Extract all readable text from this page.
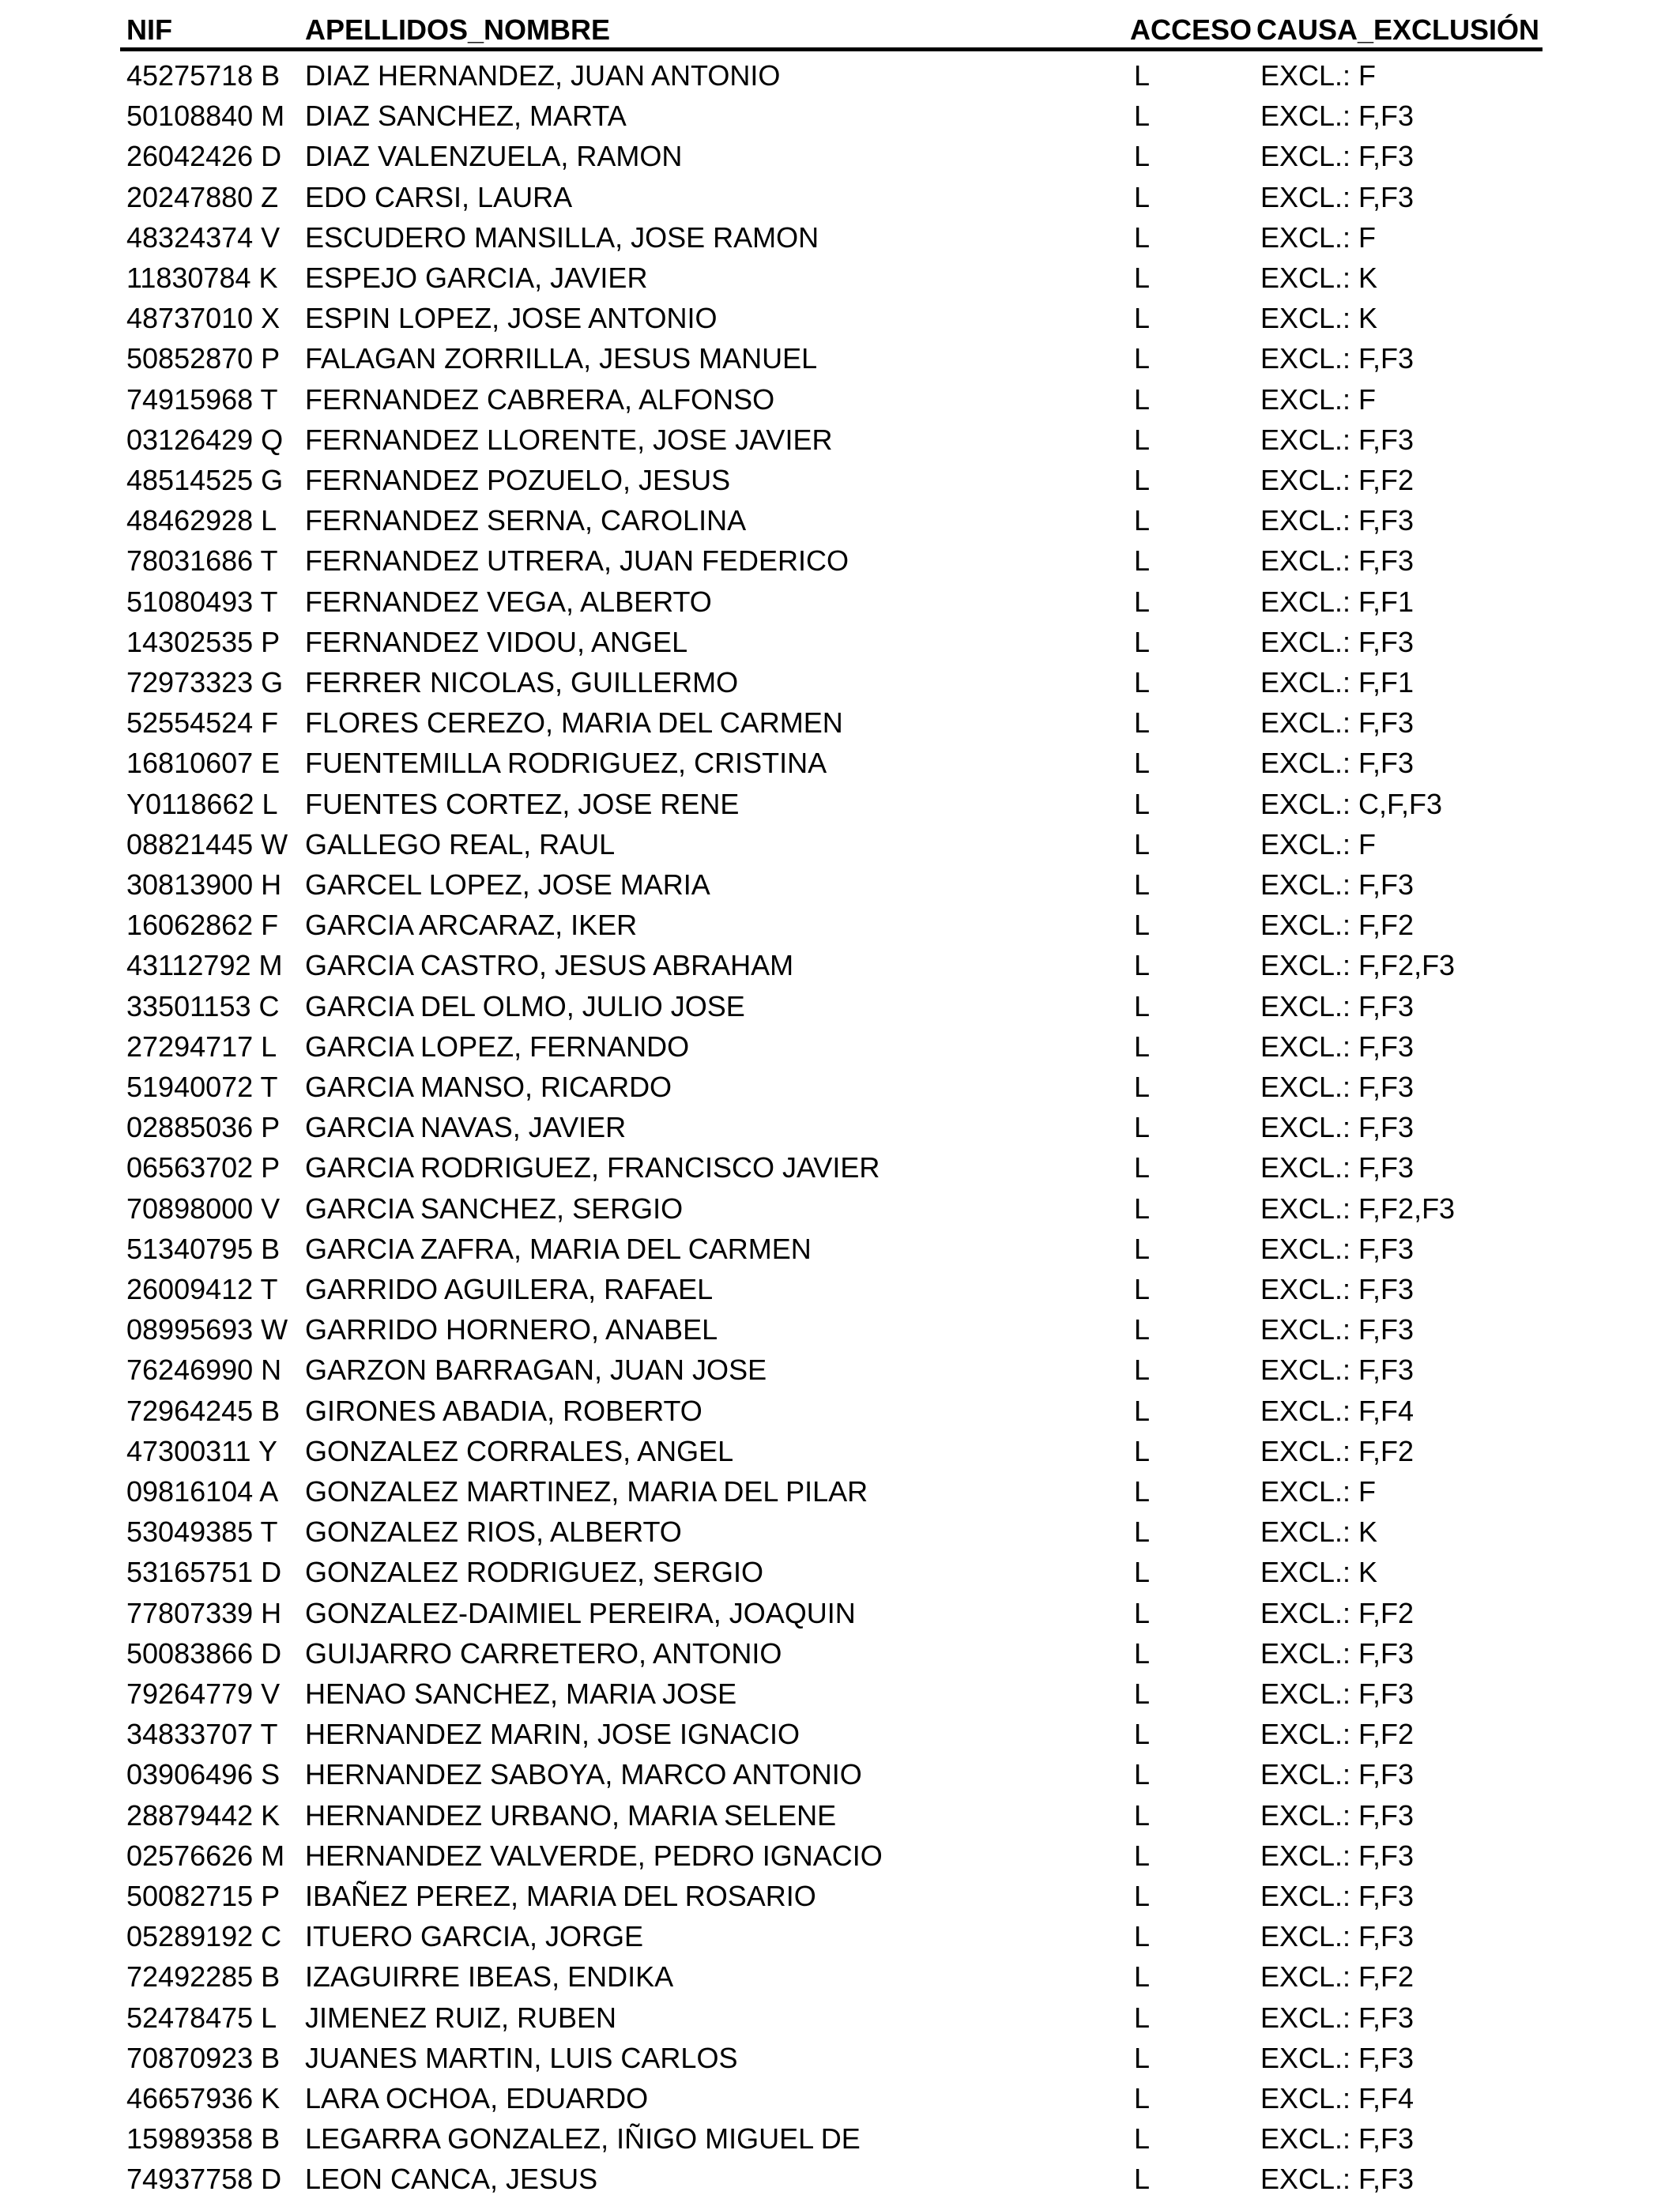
NIF	APELLIDOS_NOMBRE	ACCESO CAUSA_EXCLUSIÓN
45275718 B DIAZ HERNANDEZ, JUAN ANTONIO	L	EXCL.: F
50108840 M DIAZ SANCHEZ, MARTA	L	EXCL.: F,F3
26042426 D DIAZ VALENZUELA, RAMON	L	EXCL.: F,F3
20247880 Z EDO CARSI, LAURA	L	EXCL.: F,F3
48324374 V ESCUDERO MANSILLA, JOSE RAMON	L	EXCL.: F
11830784 K ESPEJO GARCIA, JAVIER	L	EXCL.: K
48737010 X ESPIN LOPEZ, JOSE ANTONIO	L	EXCL.: K
50852870 P FALAGAN ZORRILLA, JESUS MANUEL	L	EXCL.: F,F3
74915968 T FERNANDEZ CABRERA, ALFONSO	L	EXCL.: F
03126429 Q FERNANDEZ LLORENTE, JOSE JAVIER	L	EXCL.: F,F3
48514525 G FERNANDEZ POZUELO, JESUS	L	EXCL.: F,F2
48462928 L FERNANDEZ SERNA, CAROLINA	L	EXCL.: F,F3
78031686 T FERNANDEZ UTRERA, JUAN FEDERICO	L	EXCL.: F,F3
51080493 T FERNANDEZ VEGA, ALBERTO	L	EXCL.: F,F1
14302535 P FERNANDEZ VIDOU, ANGEL	L	EXCL.: F,F3
72973323 G FERRER NICOLAS, GUILLERMO	L	EXCL.: F,F1
52554524 F FLORES CEREZO, MARIA DEL CARMEN	L	EXCL.: F,F3
16810607 E FUENTEMILLA RODRIGUEZ, CRISTINA	L	EXCL.: F,F3
Y0118662 L FUENTES CORTEZ, JOSE RENE	L	EXCL.: C,F,F3
08821445 W GALLEGO REAL, RAUL	L	EXCL.: F
30813900 H GARCEL LOPEZ, JOSE MARIA	L	EXCL.: F,F3
16062862 F GARCIA ARCARAZ, IKER	L	EXCL.: F,F2
43112792 M GARCIA CASTRO, JESUS ABRAHAM	L	EXCL.: F,F2,F3
33501153 C GARCIA DEL OLMO, JULIO JOSE	L	EXCL.: F,F3
27294717 L GARCIA LOPEZ, FERNANDO	L	EXCL.: F,F3
51940072 T GARCIA MANSO, RICARDO	L	EXCL.: F,F3
02885036 P GARCIA NAVAS, JAVIER	L	EXCL.: F,F3
06563702 P GARCIA RODRIGUEZ, FRANCISCO JAVIER	L	EXCL.: F,F3
70898000 V GARCIA SANCHEZ, SERGIO	L	EXCL.: F,F2,F3
51340795 B GARCIA ZAFRA, MARIA DEL CARMEN	L	EXCL.: F,F3
26009412 T GARRIDO AGUILERA, RAFAEL	L	EXCL.: F,F3
08995693 W GARRIDO HORNERO, ANABEL	L	EXCL.: F,F3
76246990 N GARZON BARRAGAN, JUAN JOSE	L	EXCL.: F,F3
72964245 B GIRONES ABADIA, ROBERTO	L	EXCL.: F,F4
47300311 Y GONZALEZ CORRALES, ANGEL	L	EXCL.: F,F2
09816104 A GONZALEZ MARTINEZ, MARIA DEL PILAR	L	EXCL.: F
53049385 T GONZALEZ RIOS, ALBERTO	L	EXCL.: K
53165751 D GONZALEZ RODRIGUEZ, SERGIO	L	EXCL.: K
77807339 H GONZALEZ-DAIMIEL PEREIRA, JOAQUIN	L	EXCL.: F,F2
50083866 D GUIJARRO CARRETERO, ANTONIO	L	EXCL.: F,F3
79264779 V HENAO SANCHEZ, MARIA JOSE	L	EXCL.: F,F3
34833707 T HERNANDEZ MARIN, JOSE IGNACIO	L	EXCL.: F,F2
03906496 S HERNANDEZ SABOYA, MARCO ANTONIO	L	EXCL.: F,F3
28879442 K HERNANDEZ URBANO, MARIA SELENE	L	EXCL.: F,F3
02576626 M HERNANDEZ VALVERDE, PEDRO IGNACIO	L	EXCL.: F,F3
50082715 P IBAÑEZ PEREZ, MARIA DEL ROSARIO	L	EXCL.: F,F3
05289192 C ITUERO GARCIA, JORGE	L	EXCL.: F,F3
72492285 B IZAGUIRRE IBEAS, ENDIKA	L	EXCL.: F,F2
52478475 L JIMENEZ RUIZ, RUBEN	L	EXCL.: F,F3
70870923 B JUANES MARTIN, LUIS CARLOS	L	EXCL.: F,F3
46657936 K LARA OCHOA, EDUARDO	L	EXCL.: F,F4
15989358 B LEGARRA GONZALEZ, IÑIGO MIGUEL DE	L	EXCL.: F,F3
74937758 D LEON CANCA, JESUS	L	EXCL.: F,F3
